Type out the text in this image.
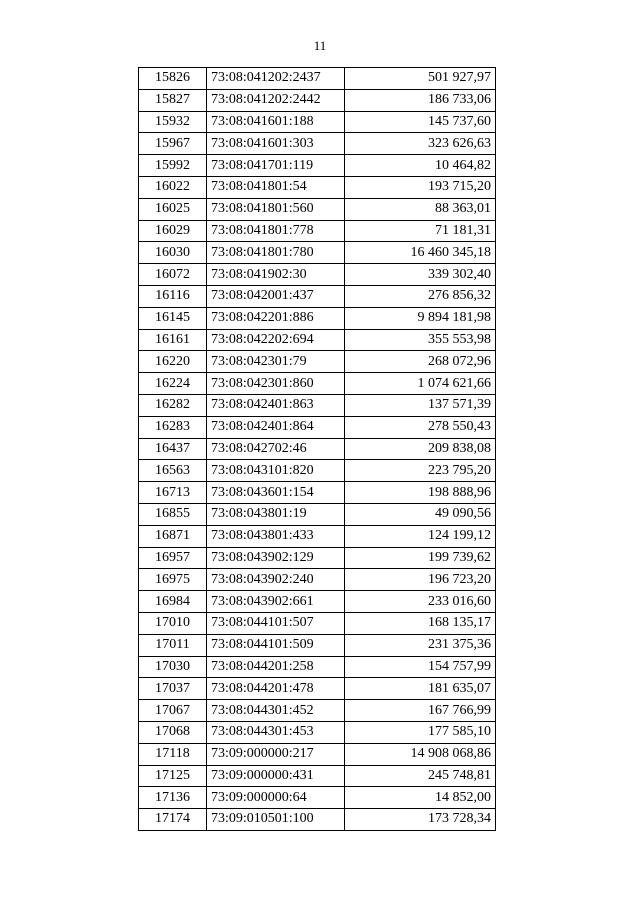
11
15826	73:08:041202:2437	501 927,97
15827	73:08:041202:2442	186 733,06
15932	73:08:041601:188	145 737,60
15967	73:08:041601:303	323 626,63
15992	73:08:041701:119	10 464,82
16022	73:08:041801:54	193 715,20
16025	73:08:041801:560	88 363,01
16029	73:08:041801:778	71 181,31
16030	73:08:041801:780	16 460 345,18
16072	73:08:041902:30	339 302,40
16116	73:08:042001:437	276 856,32
16145	73:08:042201:886	9 894 181,98
16161	73:08:042202:694	355 553,98
16220	73:08:042301:79	268 072,96
16224	73:08:042301:860	1 074 621,66
16282	73:08:042401:863	137 571,39
16283	73:08:042401:864	278 550,43
16437	73:08:042702:46	209 838,08
16563	73:08:043101:820	223 795,20
16713	73:08:043601:154	198 888,96
16855	73:08:043801:19	49 090,56
16871	73:08:043801:433	124 199,12
16957	73:08:043902:129	199 739,62
16975	73:08:043902:240	196 723,20
16984	73:08:043902:661	233 016,60
17010	73:08:044101:507	168 135,17
17011	73:08:044101:509	231 375,36
17030	73:08:044201:258	154 757,99
17037	73:08:044201:478	181 635,07
17067	73:08:044301:452	167 766,99
17068	73:08:044301:453	177 585,10
17118	73:09:000000:217	14 908 068,86
17125	73:09:000000:431	245 748,81
17136	73:09:000000:64	14 852,00
17174	73:09:010501:100	173 728,34
